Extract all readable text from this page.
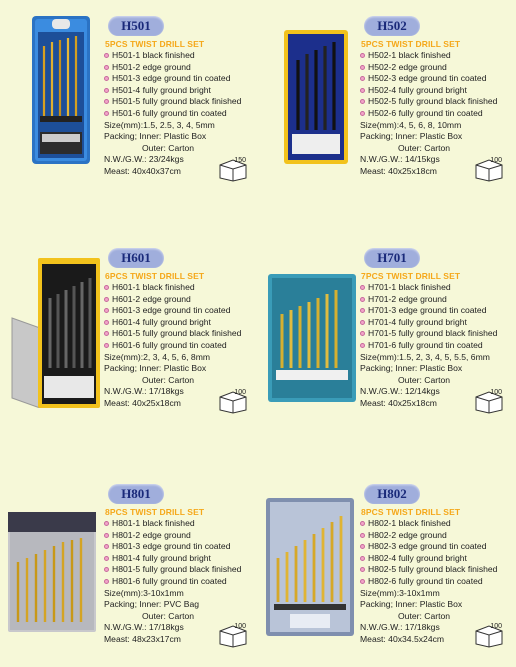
H501
5PCS TWIST DRILL SET
H501-1 black finished
H501-2 edge ground
H501-3 edge ground tin coated
H501-4 fully ground bright
H501-5 fully ground black finished
H501-6 fully ground tin coated
Size(mm):1.5, 2.5, 3, 4, 5mm
Packing; Inner: Plastic Box
Outer: Carton
N.W./G.W.: 23/24kgs
Meast: 40x40x37cm
150
H502
5PCS TWIST DRILL SET
H502-1 black finished
H502-2 edge ground
H502-3 edge ground tin coated
H502-4 fully ground bright
H502-5 fully ground black finished
H502-6 fully ground tin coated
Size(mm):4, 5, 6, 8, 10mm
Packing; Inner: Plastic Box
Outer: Carton
N.W./G.W.: 14/15kgs
Meast: 40x25x18cm
100
H601
6PCS TWIST DRILL SET
H601-1 black finished
H601-2 edge ground
H601-3 edge ground tin coated
H601-4 fully ground bright
H601-5 fully ground black finished
H601-6 fully ground tin coated
Size(mm):2, 3, 4, 5, 6, 8mm
Packing; Inner: Plastic Box
Outer: Carton
N.W./G.W.: 17/18kgs
Meast: 40x25x18cm
100
H701
7PCS TWIST DRILL SET
H701-1 black finished
H701-2 edge ground
H701-3 edge ground tin coated
H701-4 fully ground bright
H701-5 fully ground black finished
H701-6 fully ground tin coated
Size(mm):1.5, 2, 3, 4, 5, 5.5, 6mm
Packing; Inner: Plastic Box
Outer: Carton
N.W./G.W.: 12/14kgs
Meast: 40x25x18cm
100
H801
8PCS TWIST DRILL SET
H801-1 black finished
H801-2 edge ground
H801-3 edge ground tin coated
H801-4 fully ground bright
H801-5 fully ground black finished
H801-6 fully ground tin coated
Size(mm):3-10x1mm
Packing; Inner: PVC Bag
Outer: Carton
N.W./G.W.: 17/18kgs
Meast: 48x23x17cm
100
H802
8PCS TWIST DRILL SET
H802-1 black finished
H802-2 edge ground
H802-3 edge ground tin coated
H802-4 fully ground bright
H802-5 fully ground black finished
H802-6 fully ground tin coated
Size(mm):3-10x1mm
Packing; Inner: Plastic Box
Outer: Carton
N.W./G.W.: 17/18kgs
Meast: 40x34.5x24cm
100
